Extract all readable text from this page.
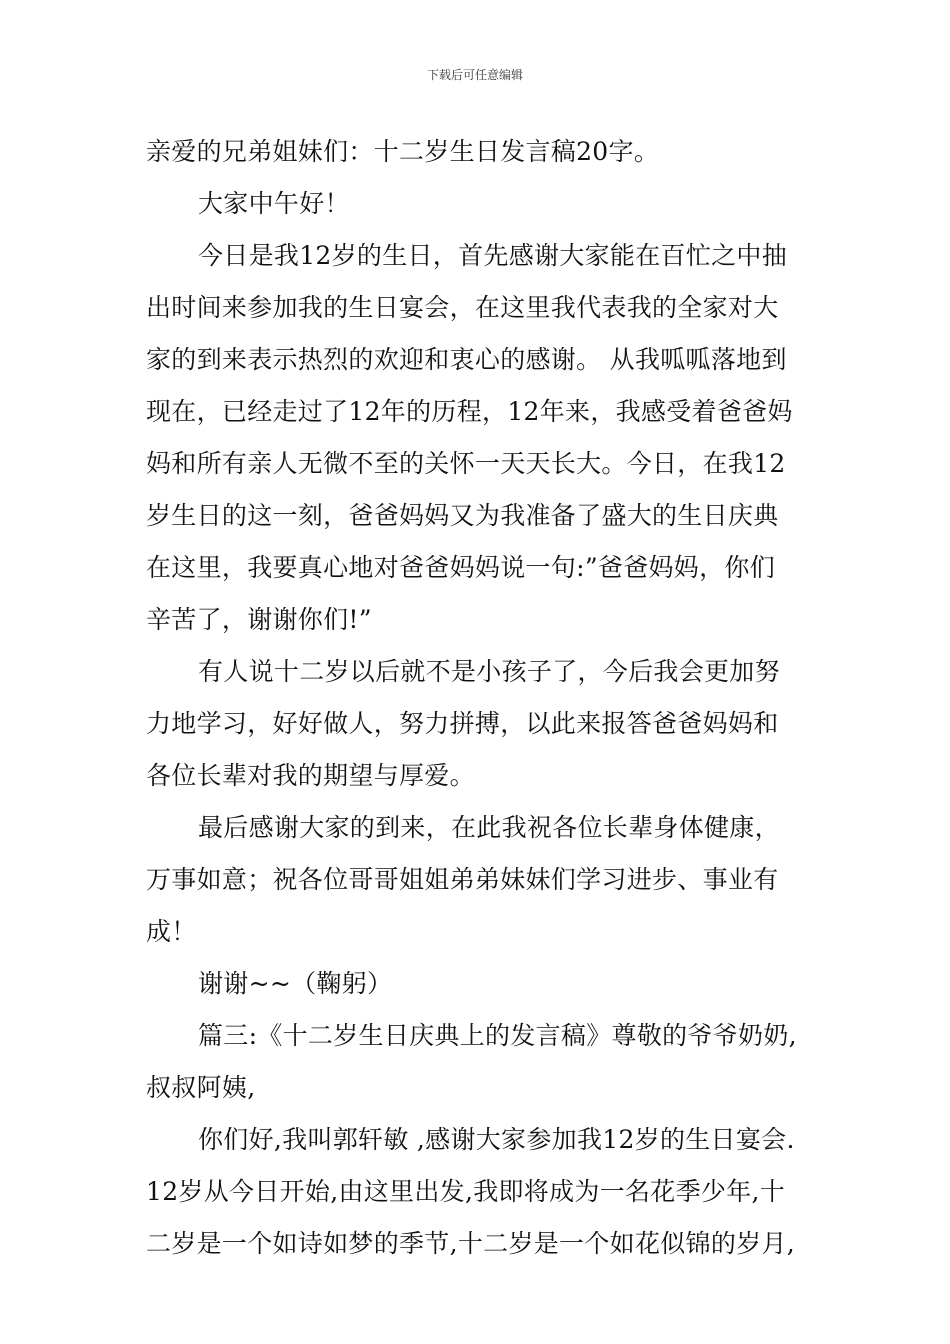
下载后可任意编辑
亲爱的兄弟姐妹们：十二岁生日发言稿20字。
大家中午好！
今日是我12岁的生日，首先感谢大家能在百忙之中抽
出时间来参加我的生日宴会，在这里我代表我的全家对大
家的到来表示热烈的欢迎和衷心的感谢。 从我呱呱落地到
现在，已经走过了12年的历程，12年来，我感受着爸爸妈
妈和所有亲人无微不至的关怀一天天长大。今日，在我12
岁生日的这一刻，爸爸妈妈又为我准备了盛大的生日庆典
在这里，我要真心地对爸爸妈妈说一句:”爸爸妈妈，你们
辛苦了，谢谢你们!”
有人说十二岁以后就不是小孩子了，今后我会更加努
力地学习，好好做人，努力拼搏，以此来报答爸爸妈妈和
各位长辈对我的期望与厚爱。
最后感谢大家的到来，在此我祝各位长辈身体健康，
万事如意；祝各位哥哥姐姐弟弟妹妹们学习进步、事业有
成！
谢谢~~（鞠躬）
篇三:《十二岁生日庆典上的发言稿》尊敬的爷爷奶奶,
叔叔阿姨,
你们好,我叫郭轩敏 ,感谢大家参加我12岁的生日宴会.
12岁从今日开始,由这里出发,我即将成为一名花季少年,十
二岁是一个如诗如梦的季节,十二岁是一个如花似锦的岁月,
